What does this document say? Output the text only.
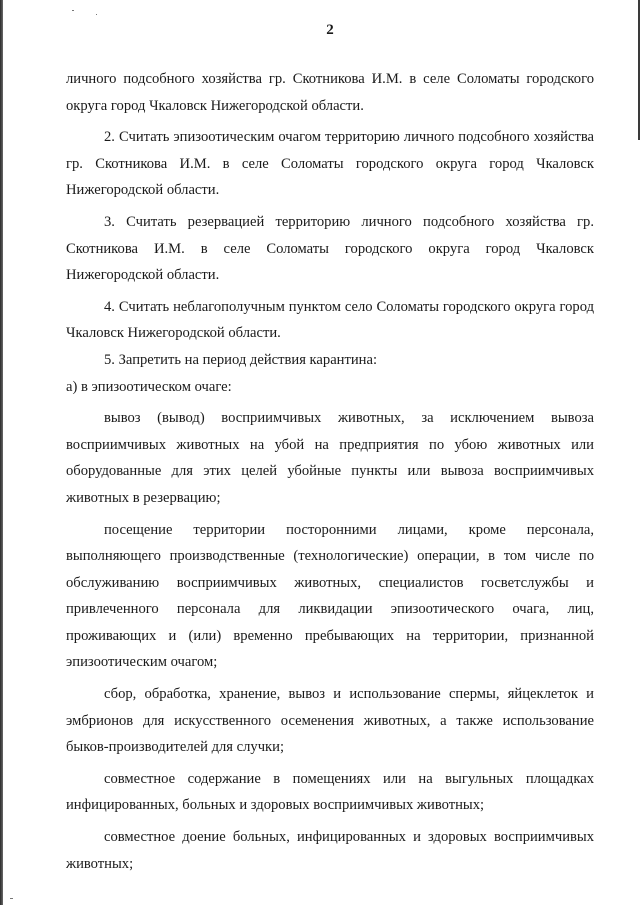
2

личного подсобного хозяйства гр. Скотникова И.М. в селе Соломаты городского округа город Чкаловск Нижегородской области.

2. Считать эпизоотическим очагом территорию личного подсобного хозяйства гр. Скотникова И.М. в селе Соломаты городского округа город Чкаловск Нижегородской области.

3. Считать резервацией территорию личного подсобного хозяйства гр. Скотникова И.М. в селе Соломаты городского округа город Чкаловск Нижегородской области.

4. Считать неблагополучным пунктом село Соломаты городского округа город Чкаловск Нижегородской области.

5. Запретить на период действия карантина:

а) в эпизоотическом очаге:

вывоз (вывод) восприимчивых животных, за исключением вывоза восприимчивых животных на убой на предприятия по убою животных или оборудованные для этих целей убойные пункты или вывоза восприимчивых животных в резервацию;

посещение территории посторонними лицами, кроме персонала, выполняющего производственные (технологические) операции, в том числе по обслуживанию восприимчивых животных, специалистов госветслужбы и привлеченного персонала для ликвидации эпизоотического очага, лиц, проживающих и (или) временно пребывающих на территории, признанной эпизоотическим очагом;

сбор, обработка, хранение, вывоз и использование спермы, яйцеклеток и эмбрионов для искусственного осеменения животных, а также использование быков-производителей для случки;

совместное содержание в помещениях или на выгульных площадках инфицированных, больных и здоровых восприимчивых животных;

совместное доение больных, инфицированных и здоровых восприимчивых животных;
